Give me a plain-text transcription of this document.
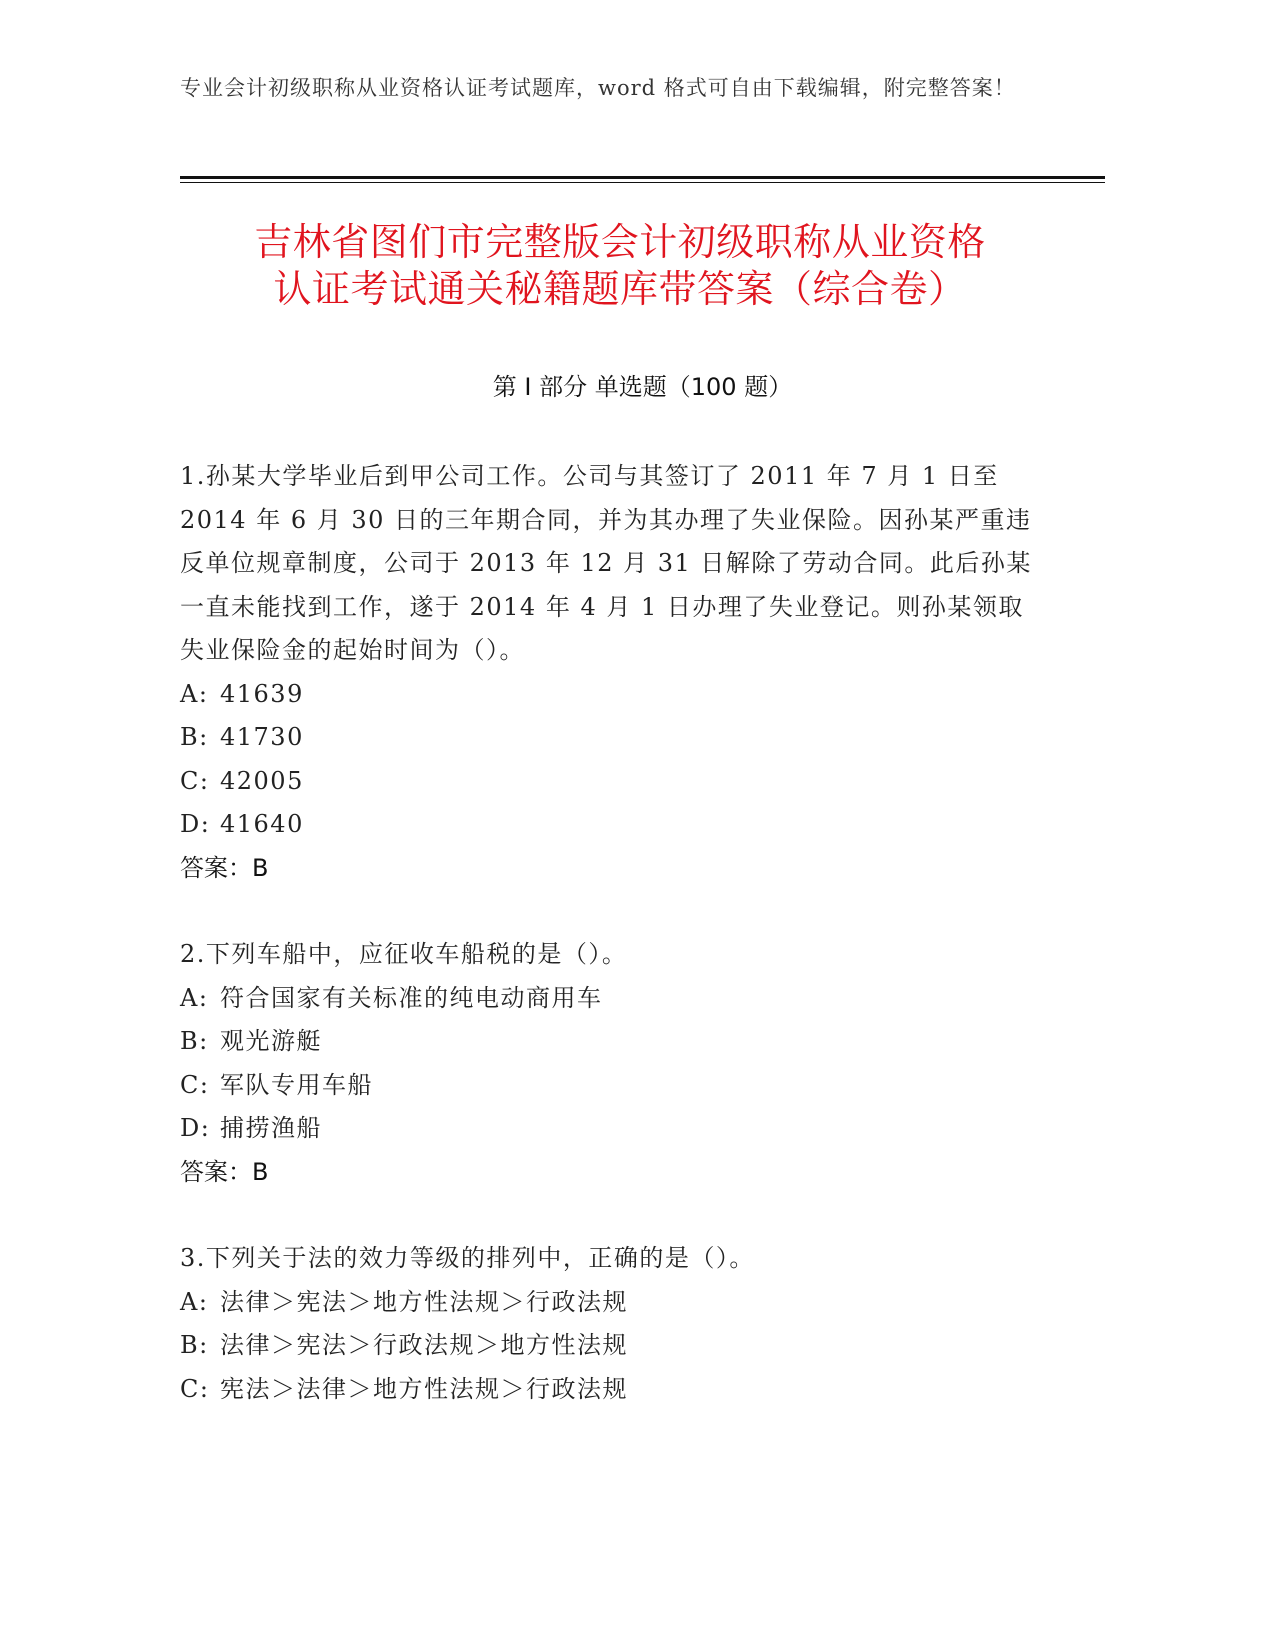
专业会计初级职称从业资格认证考试题库，word 格式可自由下载编辑，附完整答案！
吉林省图们市完整版会计初级职称从业资格
认证考试通关秘籍题库带答案（综合卷）
第 I 部分 单选题（100 题）

1.孙某大学毕业后到甲公司工作。公司与其签订了 2011 年 7 月 1 日至 2014 年 6 月 30 日的三年期合同，并为其办理了失业保险。因孙某严重违反单位规章制度，公司于 2013 年 12 月 31 日解除了劳动合同。此后孙某一直未能找到工作，遂于 2014 年 4 月 1 日办理了失业登记。则孙某领取失业保险金的起始时间为（）。

A: 41639

B: 41730

C: 42005

D: 41640

答案：B

2.下列车船中，应征收车船税的是（）。

A: 符合国家有关标准的纯电动商用车

B: 观光游艇

C: 军队专用车船

D: 捕捞渔船

答案：B

3.下列关于法的效力等级的排列中，正确的是（）。

A: 法律＞宪法＞地方性法规＞行政法规

B: 法律＞宪法＞行政法规＞地方性法规

C: 宪法＞法律＞地方性法规＞行政法规
